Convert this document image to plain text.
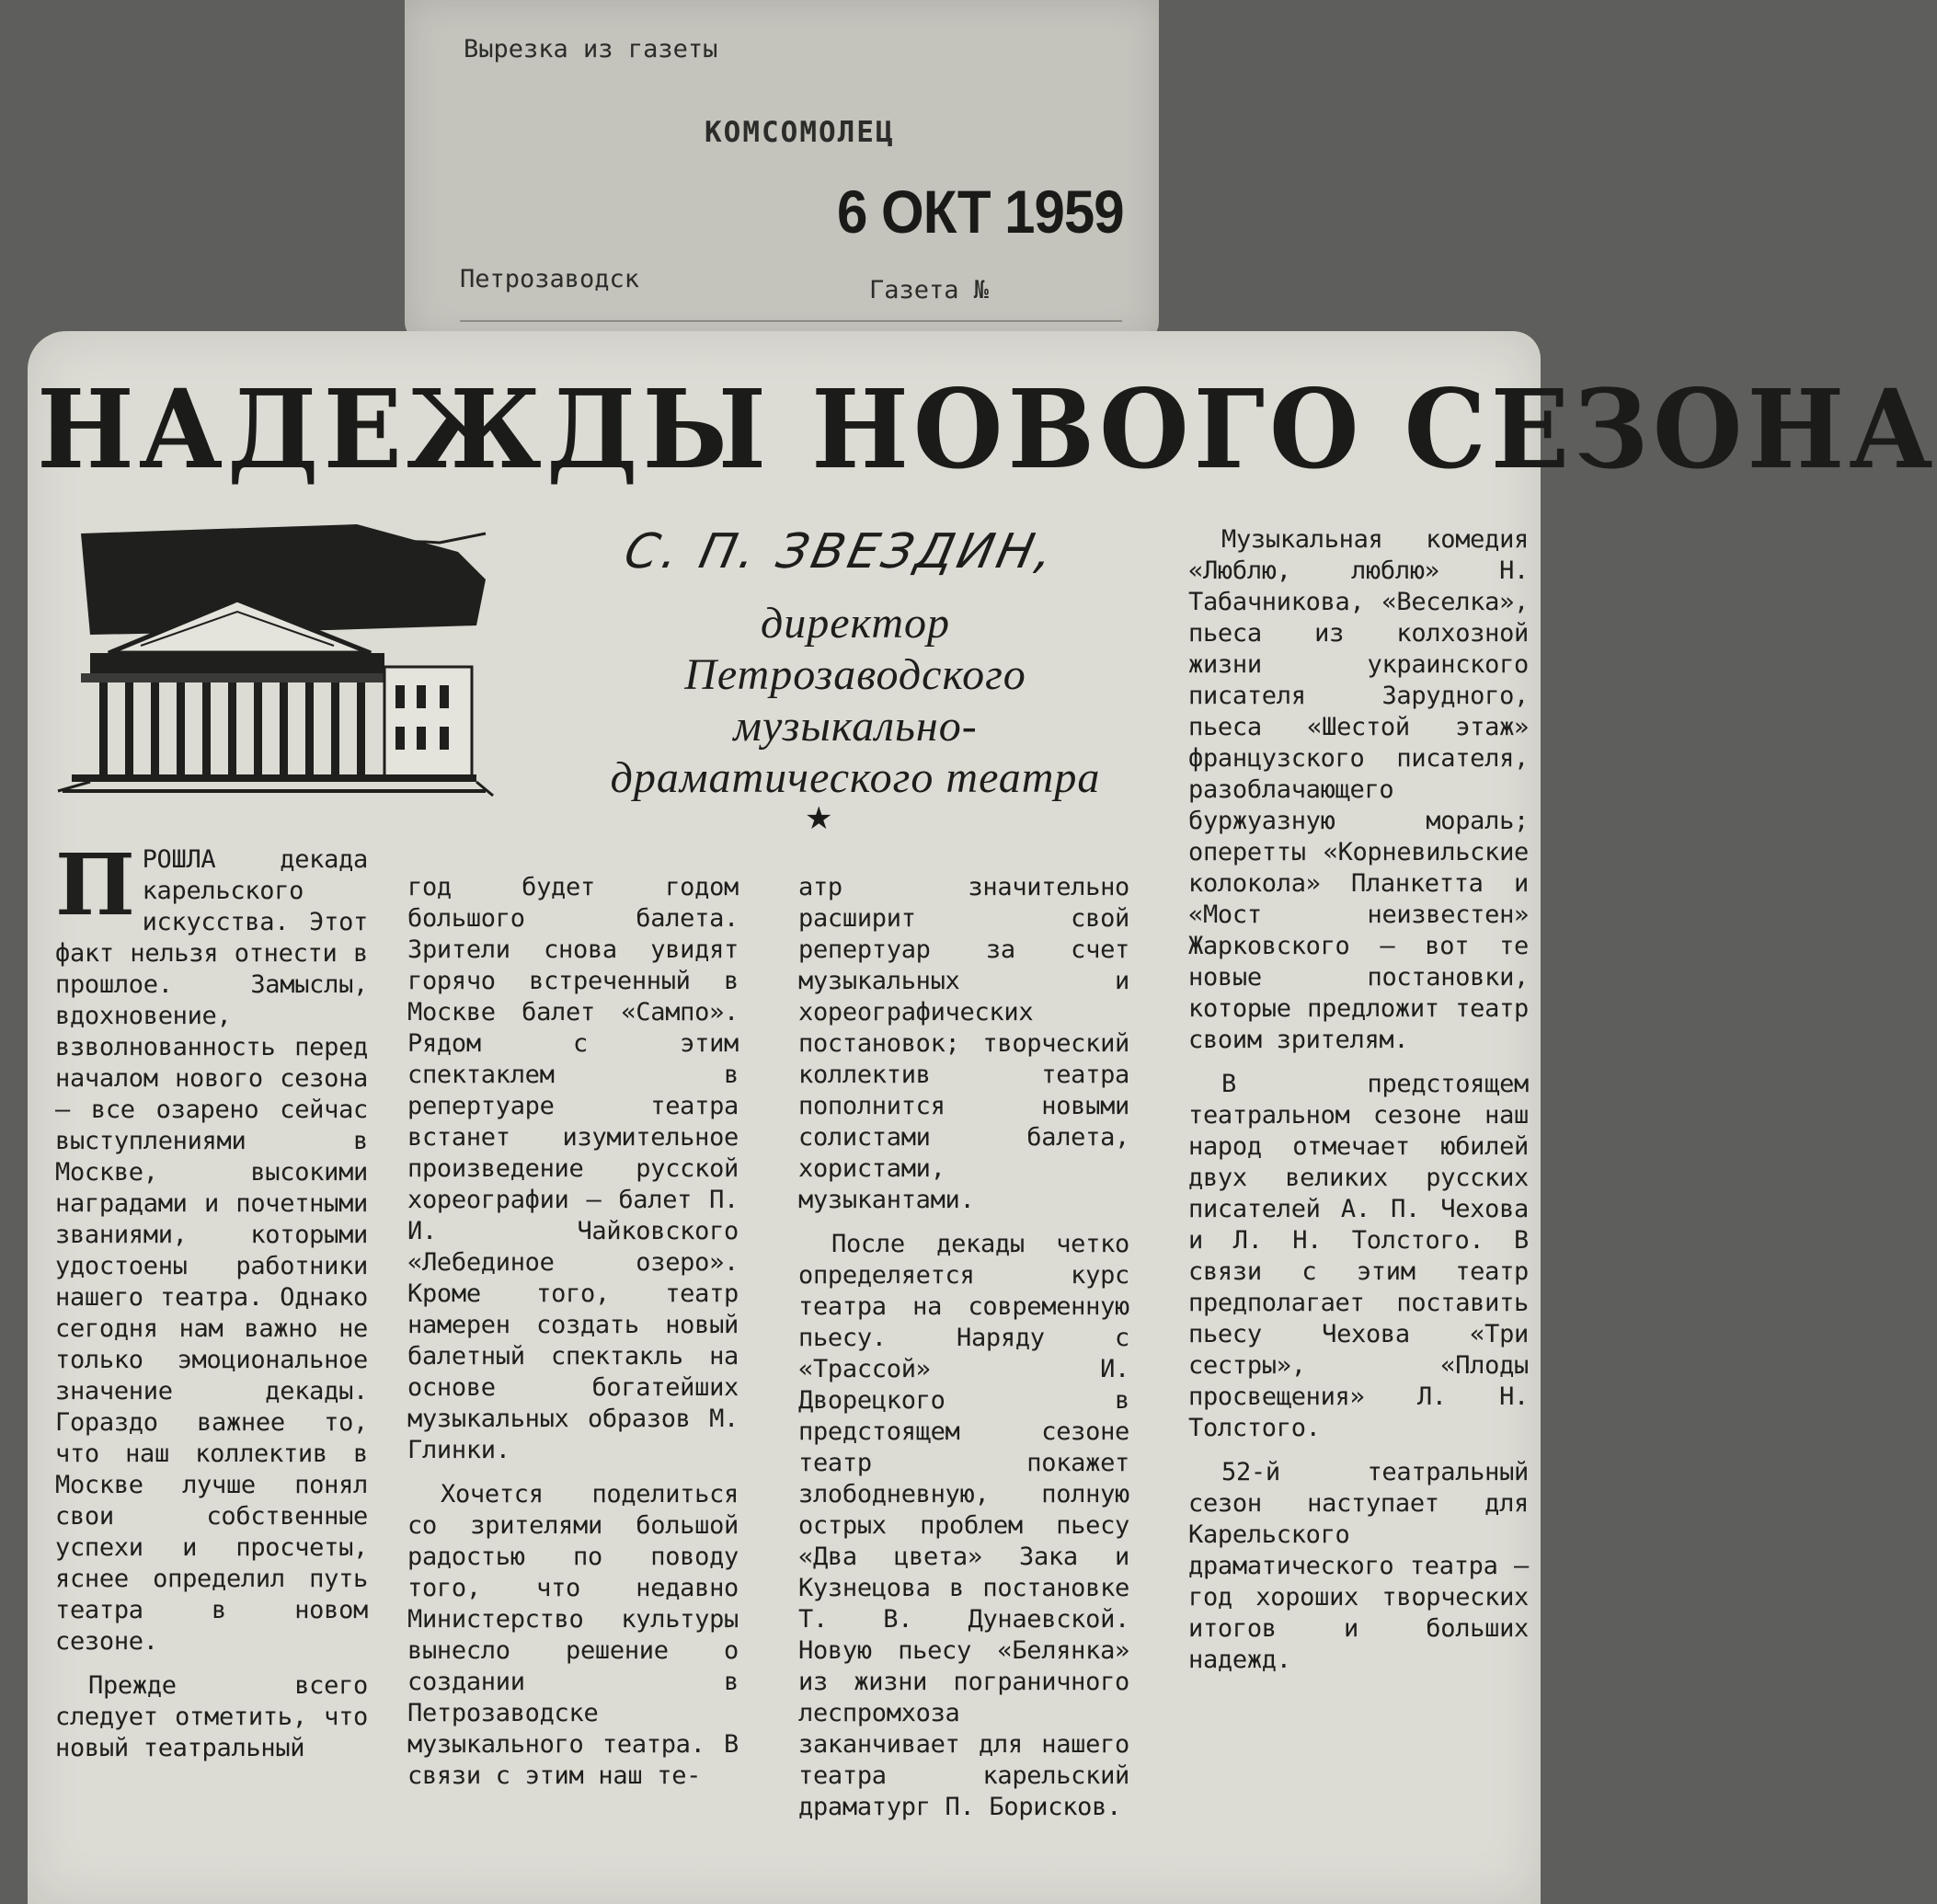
Вырезка из газеты
КОМСОМОЛЕЦ
6 ОКТ 1959
Петрозаводск	Газета №
НАДЕЖДЫ НОВОГО СЕЗОНА
С. П. ЗВЕЗДИН,
директор
Петрозаводского
музыкально-
драматического театра
★

ПРОШЛА декада карельского искусства. Этот факт нельзя отнести в прошлое. Замыслы, вдохновение, взволнованность перед началом нового сезона — все озарено сейчас выступлениями в Москве, высокими наградами и почетными званиями, которыми удостоены работники нашего театра. Однако сегодня нам важно не только эмоциональное значение декады. Гораздо важнее то, что наш коллектив в Москве лучше понял свои собственные успехи и просчеты, яснее определил путь театра в новом сезоне.

Прежде всего следует отметить, что новый театральный

год будет годом большого балета. Зрители снова увидят горячо встреченный в Москве балет «Сампо». Рядом с этим спектаклем в репертуаре театра встанет изумительное произведение русской хореографии — балет П. И. Чайковского «Лебединое озеро». Кроме того, театр намерен создать новый балетный спектакль на основе богатейших музыкальных образов М. Глинки.

Хочется поделиться со зрителями большой радостью по поводу того, что недавно Министерство культуры вынесло решение о создании в Петрозаводске музыкального театра. В связи с этим наш те-

атр значительно расширит свой репертуар за счет музыкальных и хореографических постановок; творческий коллектив театра пополнится новыми солистами балета, хористами, музыкантами.

После декады четко определяется курс театра на современную пьесу. Наряду с «Трассой» И. Дворецкого в предстоящем сезоне театр покажет злободневную, полную острых проблем пьесу «Два цвета» Зака и Кузнецова в постановке Т. В. Дунаевской. Новую пьесу «Белянка» из жизни пограничного леспромхоза заканчивает для нашего театра карельский драматург П. Борисков.

Музыкальная комедия «Люблю, люблю» Н. Табачникова, «Веселка», пьеса из колхозной жизни украинского писателя Зарудного, пьеса «Шестой этаж» французского писателя, разоблачающего буржуазную мораль; оперетты «Корневильские колокола» Планкетта и «Мост неизвестен» Жарковского — вот те новые постановки, которые предложит театр своим зрителям.

В предстоящем театральном сезоне наш народ отмечает юбилей двух великих русских писателей А. П. Чехова и Л. Н. Толстого. В связи с этим театр предполагает поставить пьесу Чехова «Три сестры», «Плоды просвещения» Л. Н. Толстого.

52-й театральный сезон наступает для Карельского драматического театра — год хороших творческих итогов и больших надежд.
